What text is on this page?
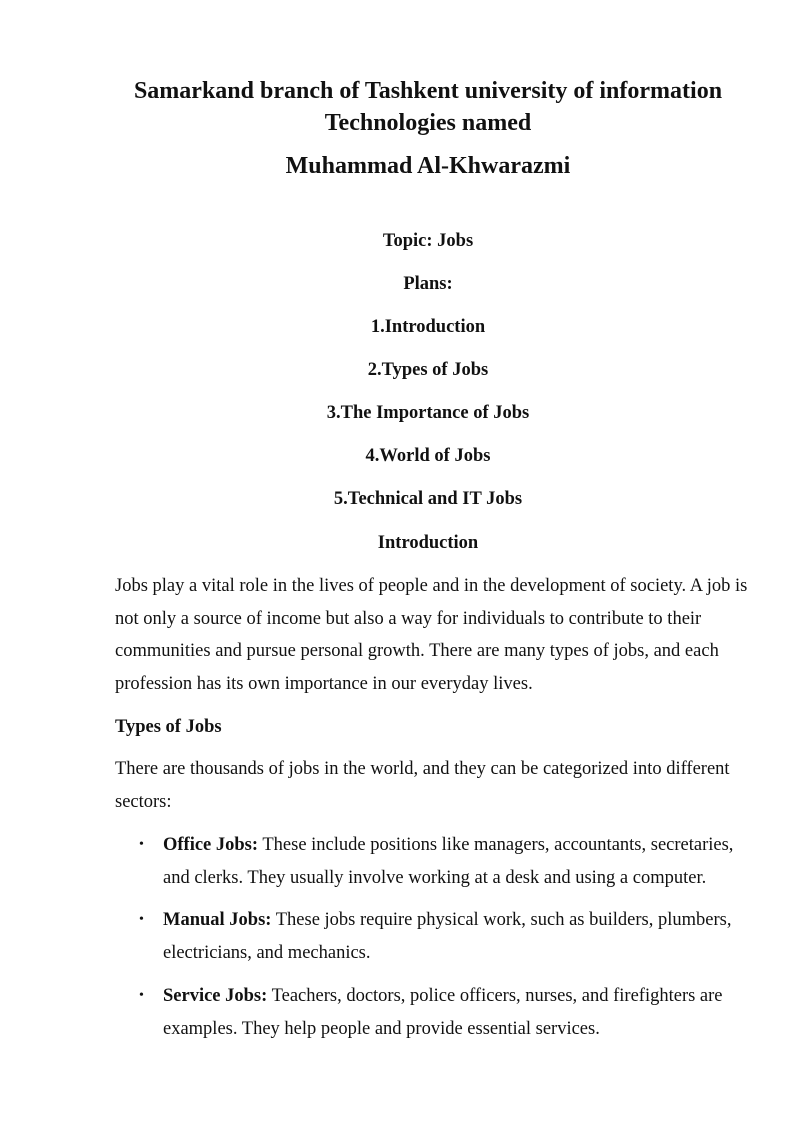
Samarkand branch of Tashkent university of information Technologies named
Muhammad Al-Khwarazmi

Topic: Jobs

Plans:

1.Introduction

2.Types of Jobs

3.The Importance of Jobs

4.World of Jobs

5.Technical and IT Jobs

Introduction

Jobs play a vital role in the lives of people and in the development of society. A job is not only a source of income but also a way for individuals to contribute to their communities and pursue personal growth. There are many types of jobs, and each profession has its own importance in our everyday lives.

Types of Jobs

There are thousands of jobs in the world, and they can be categorized into different sectors:

• Office Jobs: These include positions like managers, accountants, secretaries, and clerks. They usually involve working at a desk and using a computer.
• Manual Jobs: These jobs require physical work, such as builders, plumbers, electricians, and mechanics.
• Service Jobs: Teachers, doctors, police officers, nurses, and firefighters are examples. They help people and provide essential services.
